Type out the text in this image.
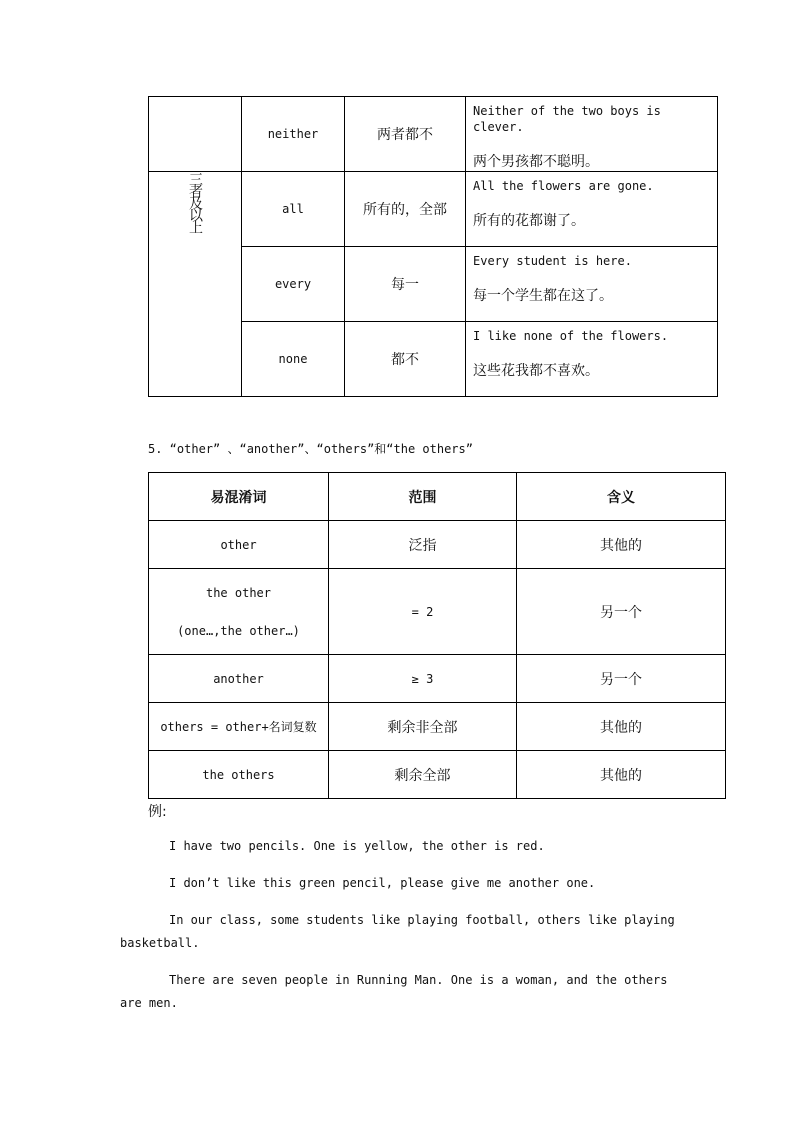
	neither	两者都不	Neither of the two boys is clever.
两个男孩都不聪明。

三者及以上	all	所有的，全部	All the flowers are gone.
所有的花都谢了。

	every	每一	Every student is here.
每一个学生都在这了。

	none	都不	I like none of the flowers.
这些花我都不喜欢。
5. “other” 、“another”、“others”和“the others”
易混淆词	范围	含义
other	泛指	其他的

the other
(one…,the other…)	= 2	另一个
another	≥ 3	另一个
others = other+名词复数	剩余非全部	其他的
the others	剩余全部	其他的
例:

I have two pencils. One is yellow, the other is red.

I don’t like this green pencil, please give me another one.

In our class, some students like playing football, others like playing basketball.

There are seven people in Running Man. One is a woman, and the others are men.
